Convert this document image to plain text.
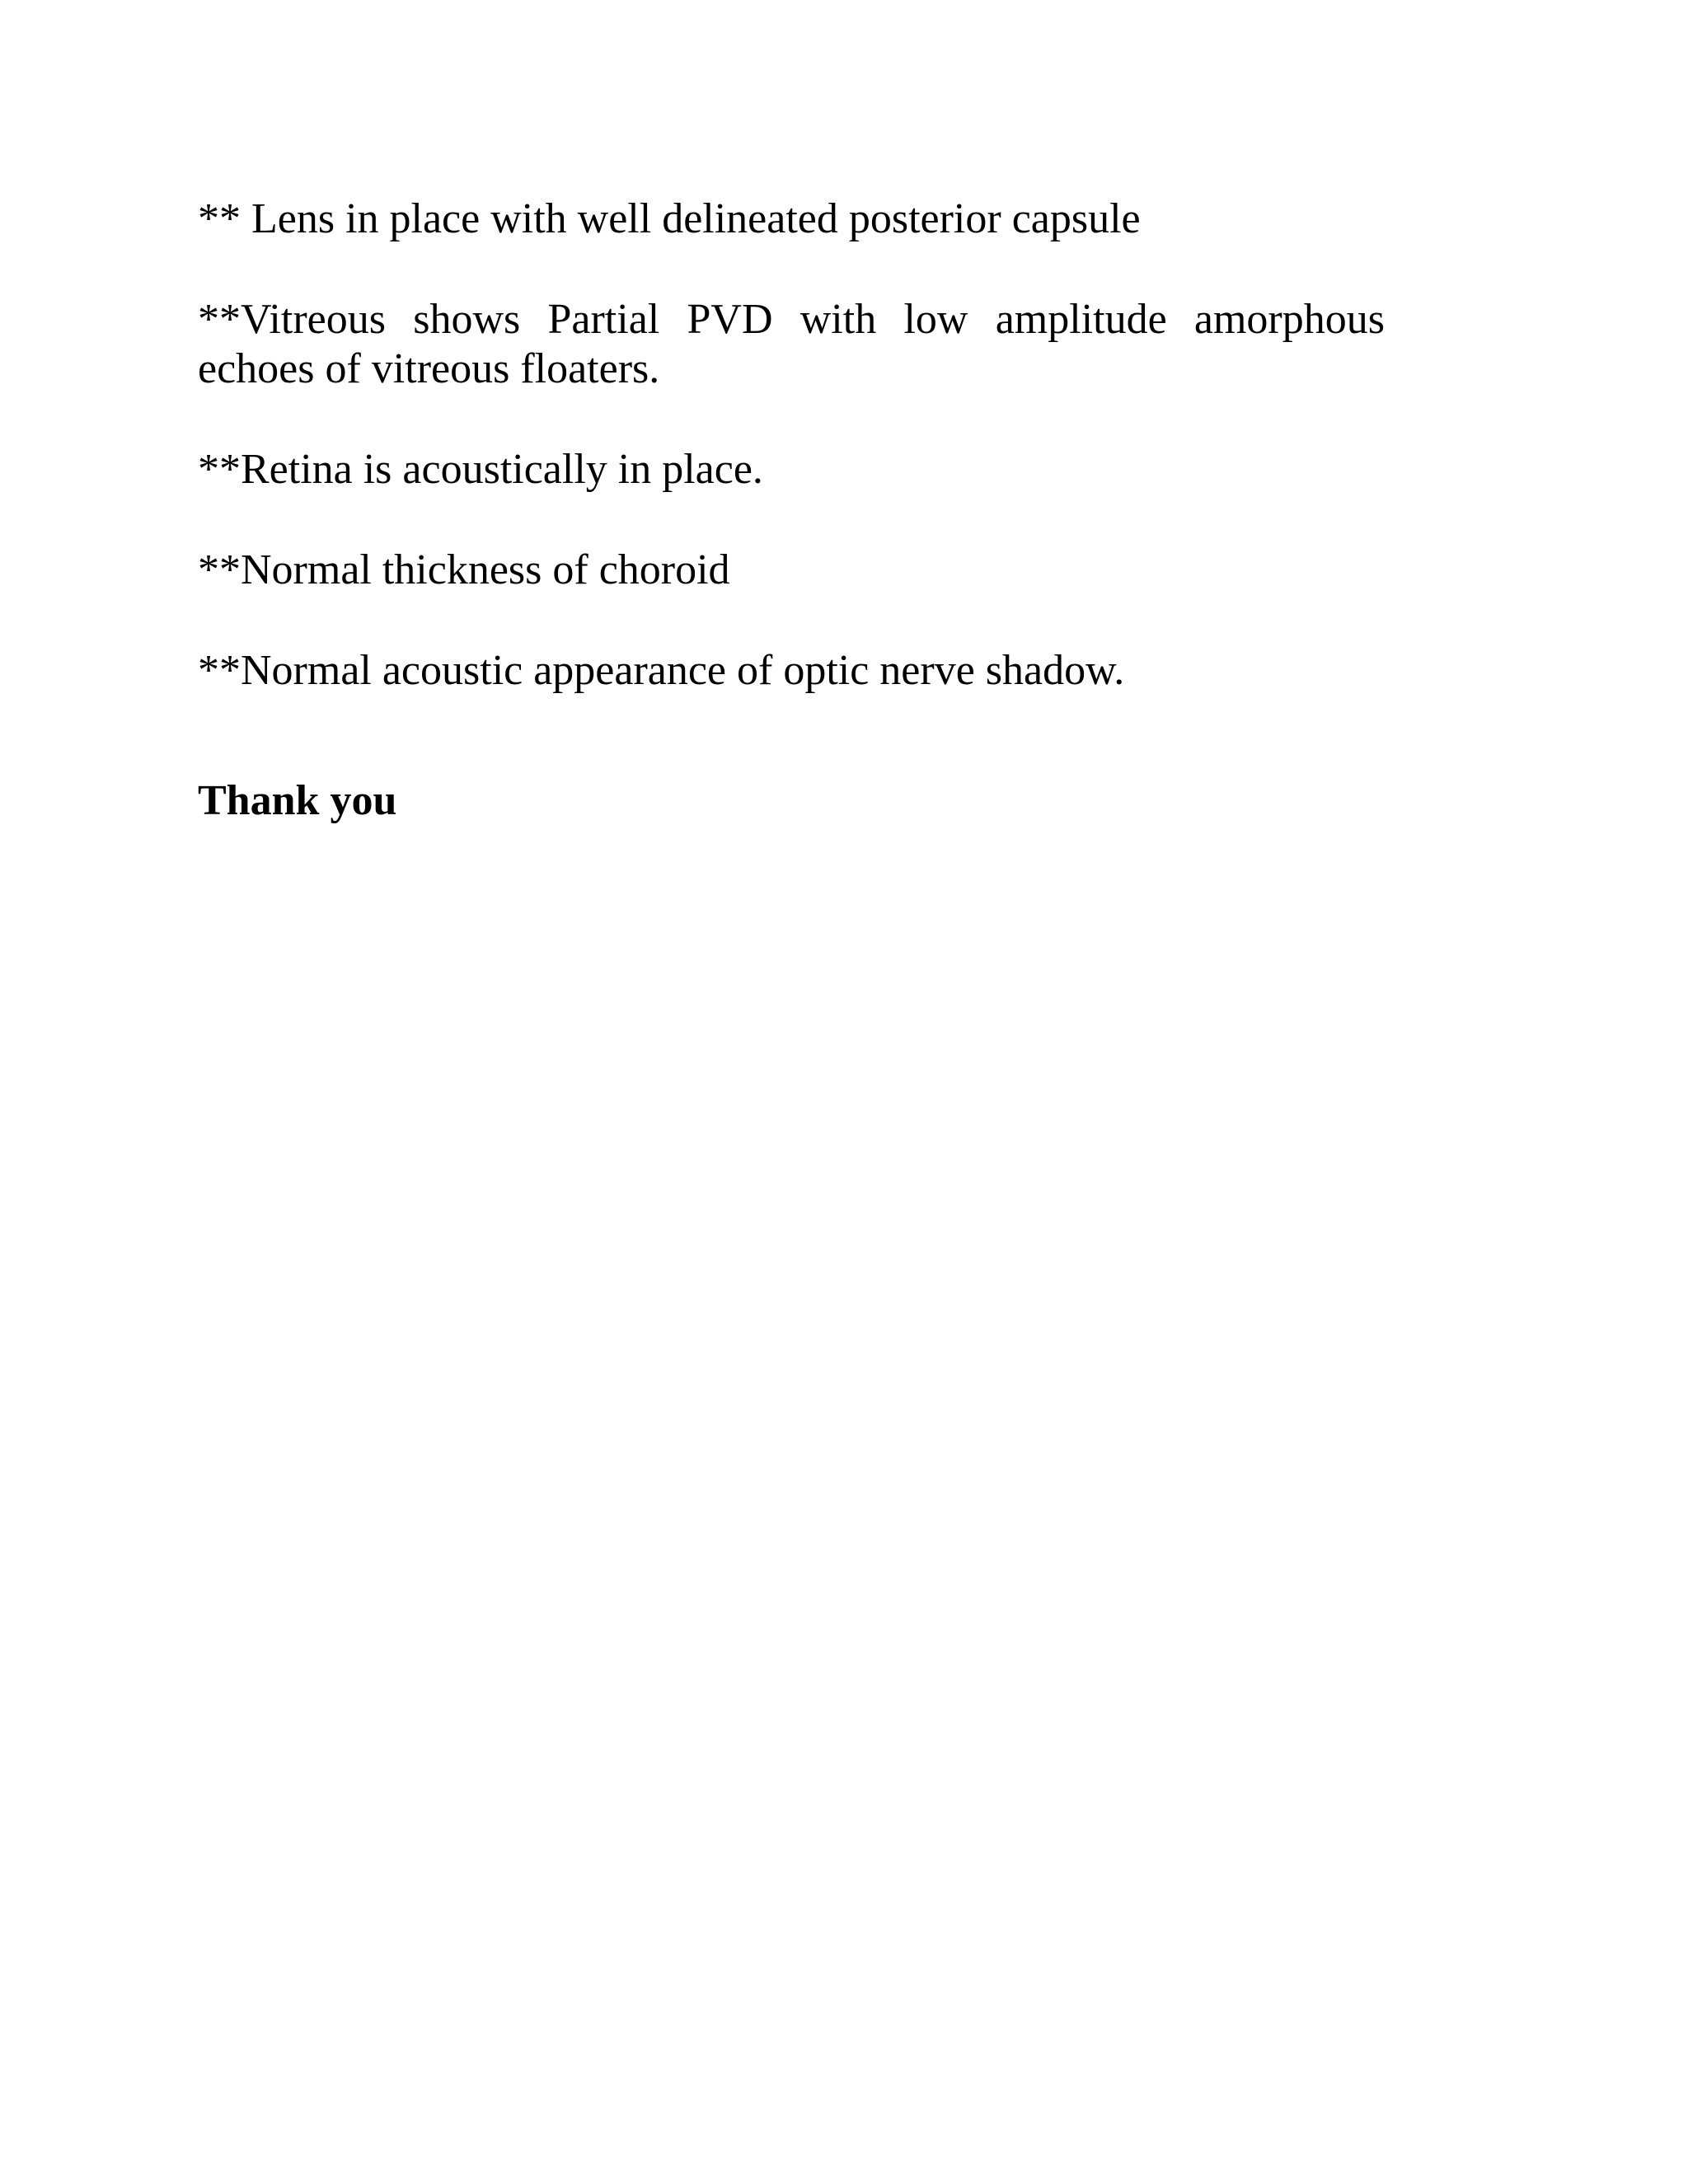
** Lens in place with well delineated posterior capsule

**Vitreous shows Partial PVD with low amplitude amorphous echoes of vitreous floaters.

**Retina is acoustically in place.

**Normal thickness of choroid

**Normal acoustic appearance of optic nerve shadow.

Thank you
